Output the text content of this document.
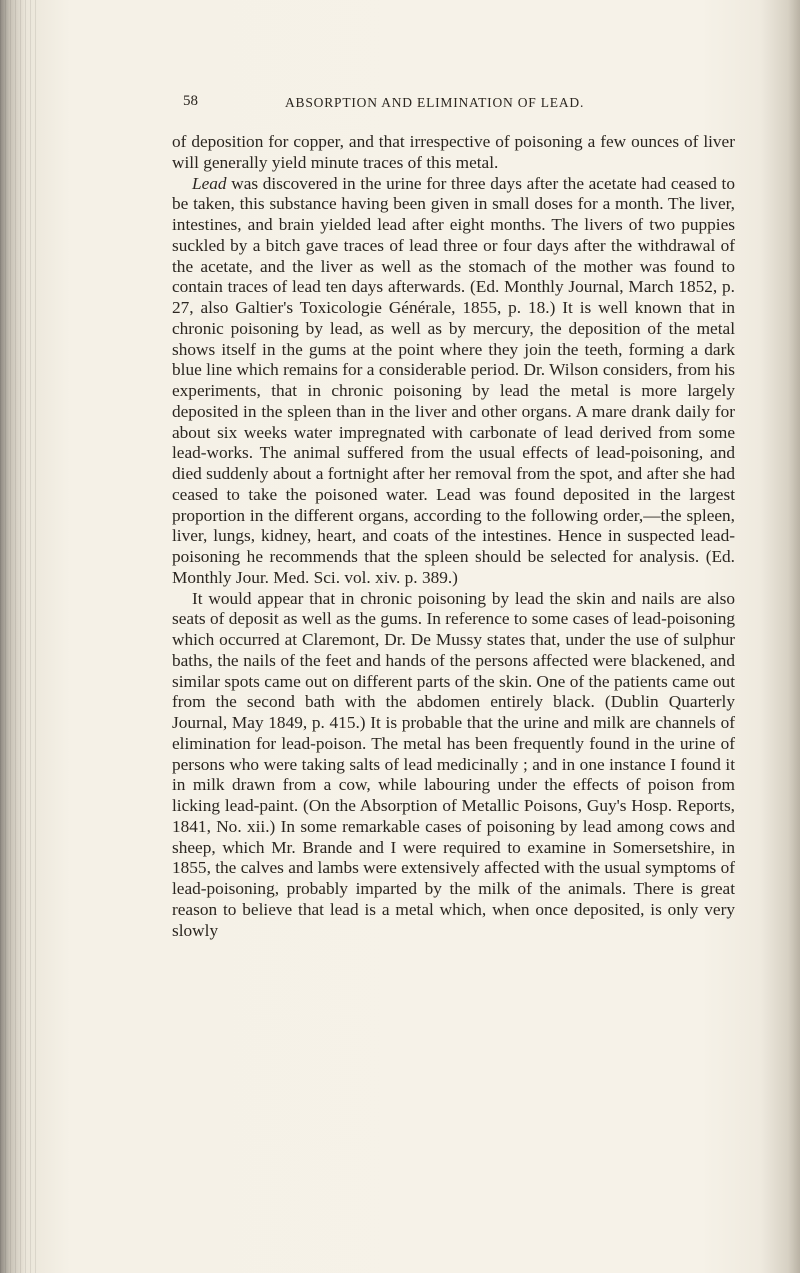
58	ABSORPTION AND ELIMINATION OF LEAD.

of deposition for copper, and that irrespective of poisoning a few ounces of liver will generally yield minute traces of this metal.

Lead was discovered in the urine for three days after the acetate had ceased to be taken, this substance having been given in small doses for a month. The liver, intestines, and brain yielded lead after eight months. The livers of two puppies suckled by a bitch gave traces of lead three or four days after the withdrawal of the acetate, and the liver as well as the stomach of the mother was found to contain traces of lead ten days afterwards. (Ed. Monthly Journal, March 1852, p. 27, also Galtier's Toxicologie Générale, 1855, p. 18.) It is well known that in chronic poisoning by lead, as well as by mercury, the deposition of the metal shows itself in the gums at the point where they join the teeth, forming a dark blue line which remains for a considerable period. Dr. Wilson considers, from his experiments, that in chronic poisoning by lead the metal is more largely deposited in the spleen than in the liver and other organs. A mare drank daily for about six weeks water impregnated with carbonate of lead derived from some lead-works. The animal suffered from the usual effects of lead-poisoning, and died suddenly about a fortnight after her removal from the spot, and after she had ceased to take the poisoned water. Lead was found deposited in the largest proportion in the different organs, according to the following order,—the spleen, liver, lungs, kidney, heart, and coats of the intestines. Hence in suspected lead-poisoning he recommends that the spleen should be selected for analysis. (Ed. Monthly Jour. Med. Sci. vol. xiv. p. 389.)

It would appear that in chronic poisoning by lead the skin and nails are also seats of deposit as well as the gums. In reference to some cases of lead-poisoning which occurred at Claremont, Dr. De Mussy states that, under the use of sulphur baths, the nails of the feet and hands of the persons affected were blackened, and similar spots came out on different parts of the skin. One of the patients came out from the second bath with the abdomen entirely black. (Dublin Quarterly Journal, May 1849, p. 415.) It is probable that the urine and milk are channels of elimination for lead-poison. The metal has been frequently found in the urine of persons who were taking salts of lead medicinally ; and in one instance I found it in milk drawn from a cow, while labouring under the effects of poison from licking lead-paint. (On the Absorption of Metallic Poisons, Guy's Hosp. Reports, 1841, No. xii.) In some remarkable cases of poisoning by lead among cows and sheep, which Mr. Brande and I were required to examine in Somersetshire, in 1855, the calves and lambs were extensively affected with the usual symptoms of lead-poisoning, probably imparted by the milk of the animals. There is great reason to believe that lead is a metal which, when once deposited, is only very slowly
